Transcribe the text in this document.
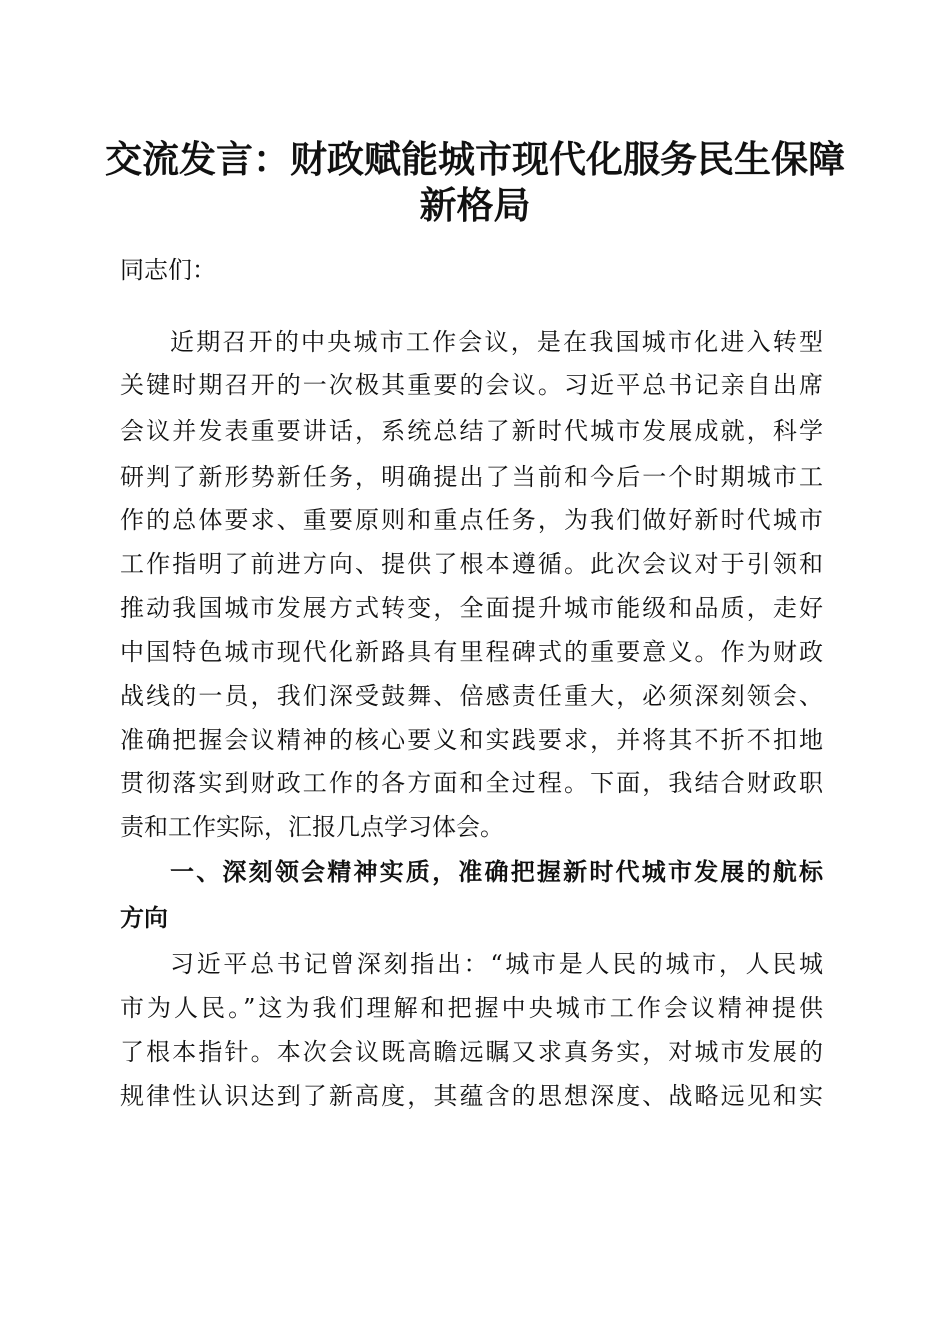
交流发言：财政赋能城市现代化服务民生保障
新格局
同志们：
近期召开的中央城市工作会议，是在我国城市化进入转型
关键时期召开的一次极其重要的会议。习近平总书记亲自出席
会议并发表重要讲话，系统总结了新时代城市发展成就，科学
研判了新形势新任务，明确提出了当前和今后一个时期城市工
作的总体要求、重要原则和重点任务，为我们做好新时代城市
工作指明了前进方向、提供了根本遵循。此次会议对于引领和
推动我国城市发展方式转变，全面提升城市能级和品质，走好
中国特色城市现代化新路具有里程碑式的重要意义。作为财政
战线的一员，我们深受鼓舞、倍感责任重大，必须深刻领会、
准确把握会议精神的核心要义和实践要求，并将其不折不扣地
贯彻落实到财政工作的各方面和全过程。下面，我结合财政职
责和工作实际，汇报几点学习体会。
一、深刻领会精神实质，准确把握新时代城市发展的航标
方向
习近平总书记曾深刻指出：“城市是人民的城市，人民城
市为人民。”这为我们理解和把握中央城市工作会议精神提供
了根本指针。本次会议既高瞻远瞩又求真务实，对城市发展的
规律性认识达到了新高度，其蕴含的思想深度、战略远见和实
